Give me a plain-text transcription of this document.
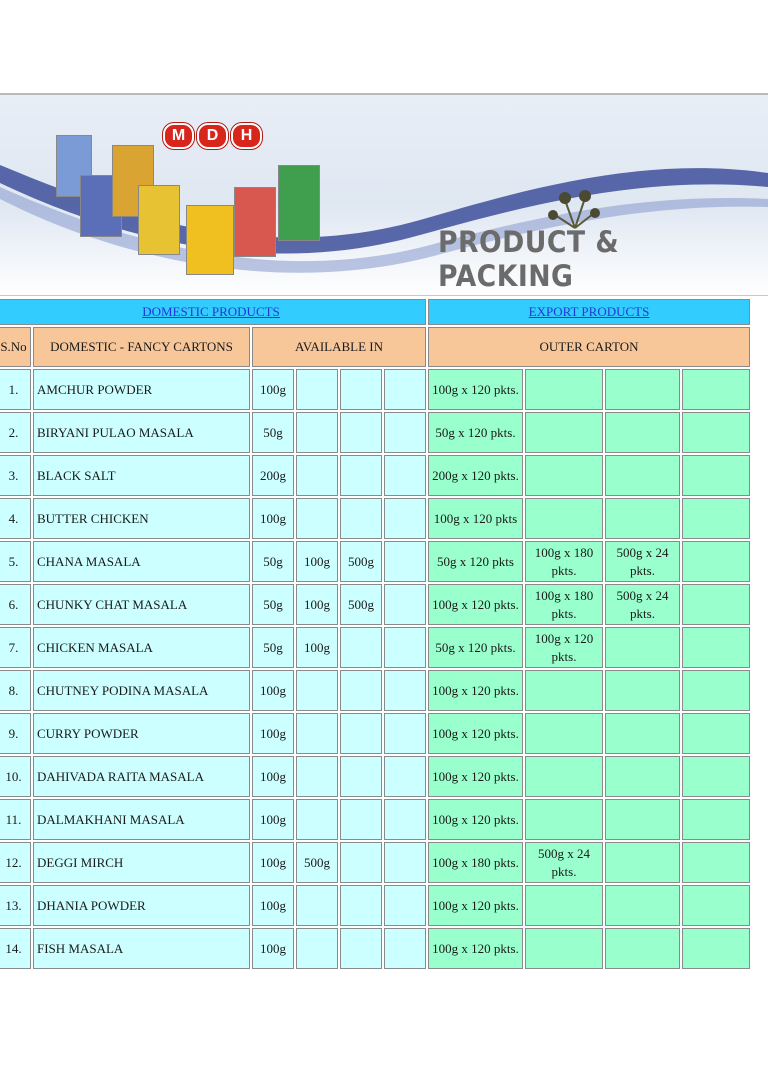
M	D	H
PRODUCT & PACKING
DOMESTIC PRODUCTS						EXPORT PRODUCTS			
S.No	DOMESTIC - FANCY CARTONS	AVAILABLE IN				OUTER CARTON			
1.	AMCHUR POWDER	100g				100g x 120 pkts.			
2.	BIRYANI PULAO MASALA	50g				50g x 120 pkts.			
3.	BLACK SALT	200g				200g x 120 pkts.			
4.	BUTTER CHICKEN	100g				100g x 120 pkts			
5.	CHANA MASALA	50g	100g	500g		50g x 120 pkts	100g x 180 pkts.	500g x 24 pkts.	
6.	CHUNKY CHAT MASALA	50g	100g	500g		100g x 120 pkts.	100g x 180 pkts.	500g x 24 pkts.	
7.	CHICKEN MASALA	50g	100g			50g x 120 pkts.	100g x 120 pkts.		
8.	CHUTNEY PODINA MASALA	100g				100g x 120 pkts.			
9.	CURRY POWDER	100g				100g x 120 pkts.			
10.	DAHIVADA RAITA MASALA	100g				100g x 120 pkts.			
11.	DALMAKHANI MASALA	100g				100g x 120 pkts.			
12.	DEGGI MIRCH	100g	500g			100g x 180 pkts.	500g x 24 pkts.		
13.	DHANIA POWDER	100g				100g x 120 pkts.			
14.	FISH MASALA	100g				100g x 120 pkts.			
